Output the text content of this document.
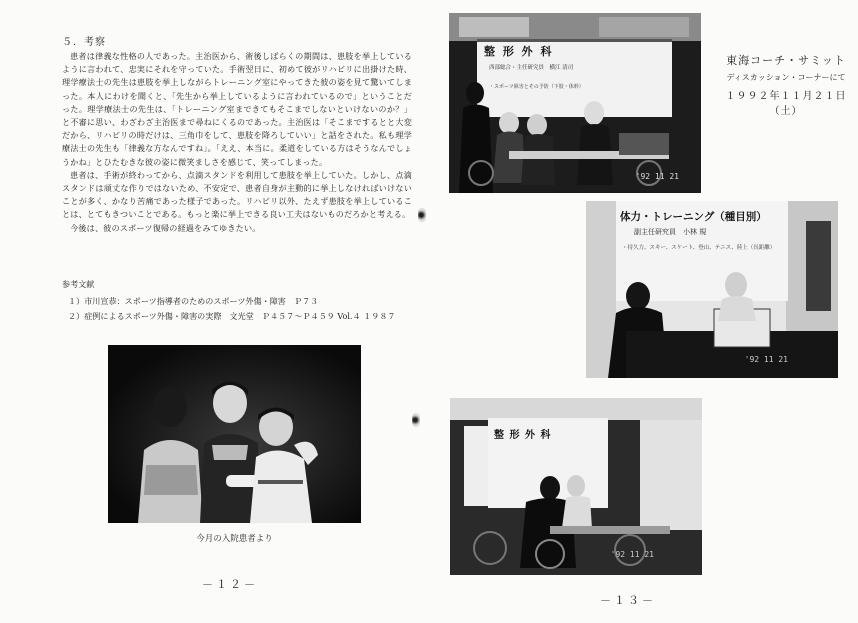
５．考察

患者は律義な性格の人であった。主治医から、術後しばらくの期間は、患肢を挙上しているように言われて、忠実にそれを守っていた。手術翌日に、初めて彼がリハビリに出掛けた時、理学療法士の先生は患肢を挙上しながらトレーニング室にやってきた彼の姿を見て驚いてしまった。本人にわけを聞くと、「先生から挙上しているように言われているので」ということだった。理学療法士の先生は、「トレーニング室まできてもそこまでしないといけないのか？」と不審に思い、わざわざ主治医まで尋ねにくるのであった。主治医は「そこまでするとと大変だから、リハビリの時だけは、三角巾をして、患肢を降ろしていい」と話をされた。私も理学療法士の先生も「律義な方なんですね」。「ええ、本当に。柔道をしている方はそうなんでしょうかね」とひたむきな彼の姿に微笑ましさを感じて、笑ってしまった。

患者は、手術が終わってから、点滴スタンドを利用して患肢を挙上していた。しかし、点滴スタンドは頑丈な作りではないため、不安定で、患者自身が主動的に挙上しなければいけないことが多く、かなり苦痛であった様子であった。リハビリ以外、たえず患肢を挙上していることは、とてもきついことである。もっと楽に挙上できる良い工夫はないものだろかと考える。

今後は、彼のスポーツ復帰の経過をみてゆきたい。

参考文献
１）市川宣恭：スポーツ指導者のためのスポーツ外傷・障害　Ｐ７３
２）症例によるスポーツ外傷・障害の実際　文光堂　Ｐ４５７～Ｐ４５９ Vol.４ １９８７
今月の入院患者より
－１２－
整 形 外 科
西部総合・主任研究員　横江 清司
・スポーツ障害とその予防（下肢・体幹）
'92 11 21
東海コーチ・サミット
ディスカッション・コーナーにて
１９９２年１１月２１日（土）
体力・トレーニング（種目別）
副主任研究員　小林 規
・持久力、スキー、スケート、登山、テニス、陸上（長距離）
'92 11 21
整 形 外 科
'92 11 21
－１３－
